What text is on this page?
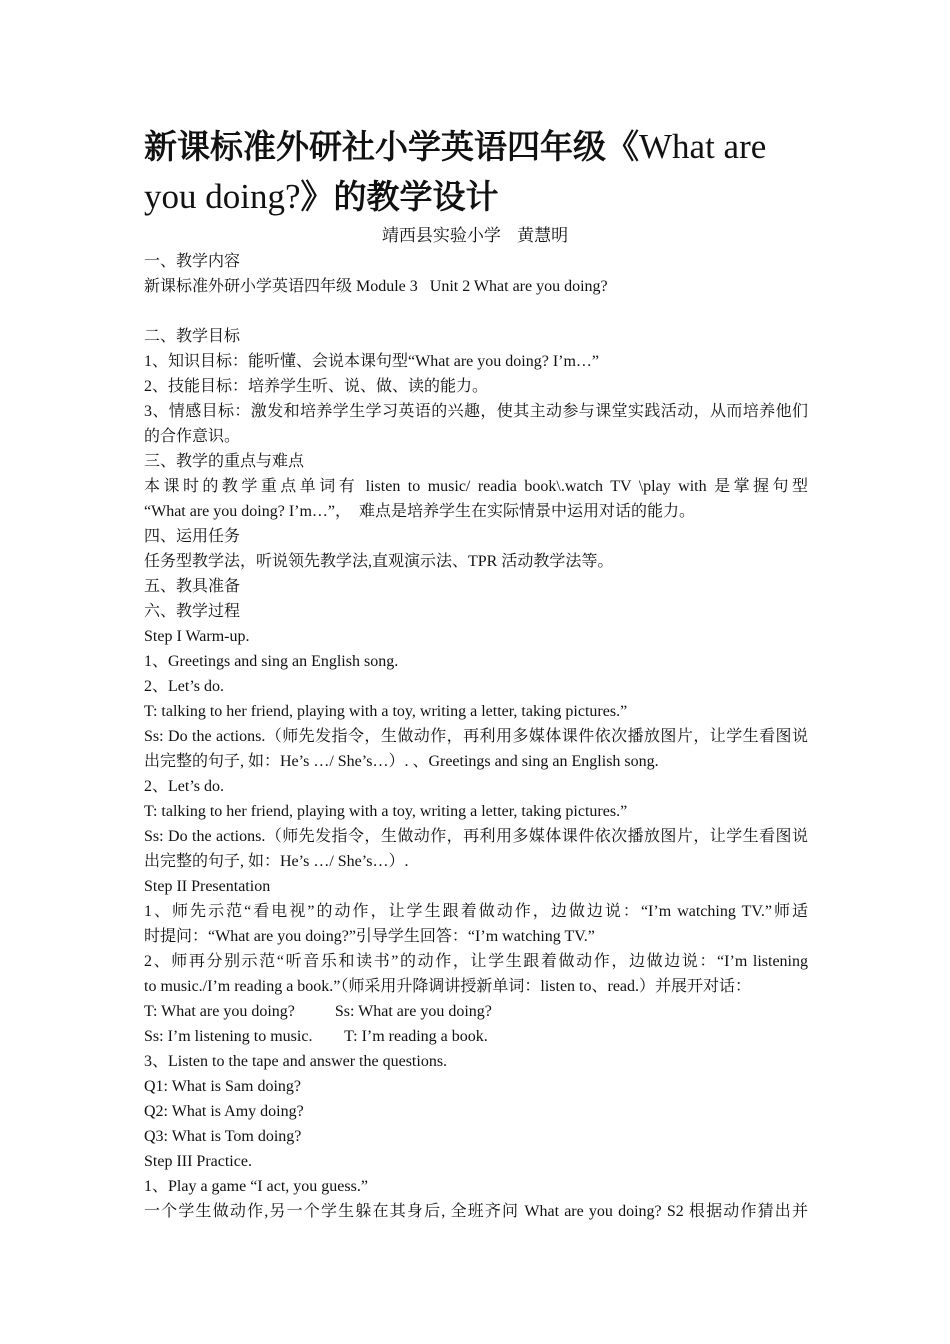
新课标准外研社小学英语四年级《What are
you doing?》的教学设计
靖西县实验小学   黄慧明
一、教学内容
新课标准外研小学英语四年级 Module 3   Unit 2 What are you doing?
二、教学目标
1、知识目标：能听懂、会说本课句型“What are you doing? I’m…”
2、技能目标：培养学生听、说、做、读的能力。
3、情感目标：激发和培养学生学习英语的兴趣，使其主动参与课堂实践活动，从而培养他们
的合作意识。
三、教学的重点与难点
本课时的教学重点单词有 listen to music/ readia book\.watch TV \play with 是掌握句型
“What are you doing? I’m…”，  难点是培养学生在实际情景中运用对话的能力。
四、运用任务
任务型教学法，听说领先教学法,直观演示法、TPR 活动教学法等。
五、教具准备
六、教学过程
Step I Warm-up.
1、Greetings and sing an English song.
2、Let’s do.
T: talking to her friend, playing with a toy, writing a letter, taking pictures.”
Ss: Do the actions.（师先发指令，生做动作，再利用多媒体课件依次播放图片，让学生看图说
出完整的句子, 如：He’s …/ She’s…）. 、Greetings and sing an English song.
2、Let’s do.
T: talking to her friend, playing with a toy, writing a letter, taking pictures.”
Ss: Do the actions.（师先发指令，生做动作，再利用多媒体课件依次播放图片，让学生看图说
出完整的句子, 如：He’s …/ She’s…）.
Step II Presentation
1、师先示范“看电视”的动作，让学生跟着做动作，边做边说：“I’m watching TV.”师适
时提问：“What are you doing?”引导学生回答：“I’m watching TV.”
2、师再分别示范“听音乐和读书”的动作，让学生跟着做动作，边做边说：“I’m listening
to music./I’m reading a book.”（师采用升降调讲授新单词：listen to、read.）并展开对话：
T: What are you doing?          Ss: What are you doing?
Ss: I’m listening to music.        T: I’m reading a book.
3、Listen to the tape and answer the questions.
Q1: What is Sam doing?
Q2: What is Amy doing?
Q3: What is Tom doing?
Step III Practice.
1、Play a game “I act, you guess.”
一个学生做动作,另一个学生躲在其身后, 全班齐问 What are you doing? S2 根据动作猜出并
